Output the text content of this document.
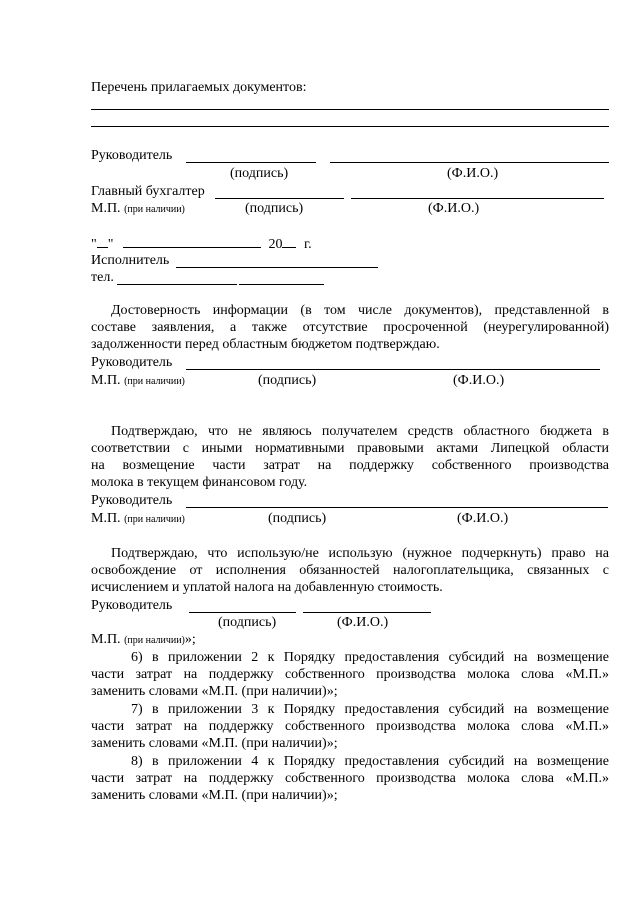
Перечень прилагаемых документов:
Руководитель
(подпись)	(Ф.И.О.)
Главный бухгалтер
М.П. (при наличии)	(подпись)	(Ф.И.О.)
" "	20 г.
Исполнитель
тел.
Достоверность информации (в том числе документов), представленной в
составе заявления, а также отсутствие просроченной (неурегулированной)
задолженности перед областным бюджетом подтверждаю.
Руководитель
М.П. (при наличии)	(подпись)	(Ф.И.О.)
Подтверждаю, что не являюсь получателем средств областного бюджета в
соответствии с иными нормативными правовыми актами Липецкой области
на возмещение части затрат на поддержку собственного производства
молока в текущем финансовом году.
Руководитель
М.П. (при наличии)	(подпись)	(Ф.И.О.)
Подтверждаю, что использую/не использую (нужное подчеркнуть) право на
освобождение от исполнения обязанностей налогоплательщика, связанных с
исчислением и уплатой налога на добавленную стоимость.
Руководитель
(подпись)	(Ф.И.О.)
М.П. (при наличии)»;
6) в приложении 2 к Порядку предоставления субсидий на возмещение
части затрат на поддержку собственного производства молока слова «М.П.»
заменить словами «М.П. (при наличии)»;
7) в приложении 3 к Порядку предоставления субсидий на возмещение
части затрат на поддержку собственного производства молока слова «М.П.»
заменить словами «М.П. (при наличии)»;
8) в приложении 4 к Порядку предоставления субсидий на возмещение
части затрат на поддержку собственного производства молока слова «М.П.»
заменить словами «М.П. (при наличии)»;
